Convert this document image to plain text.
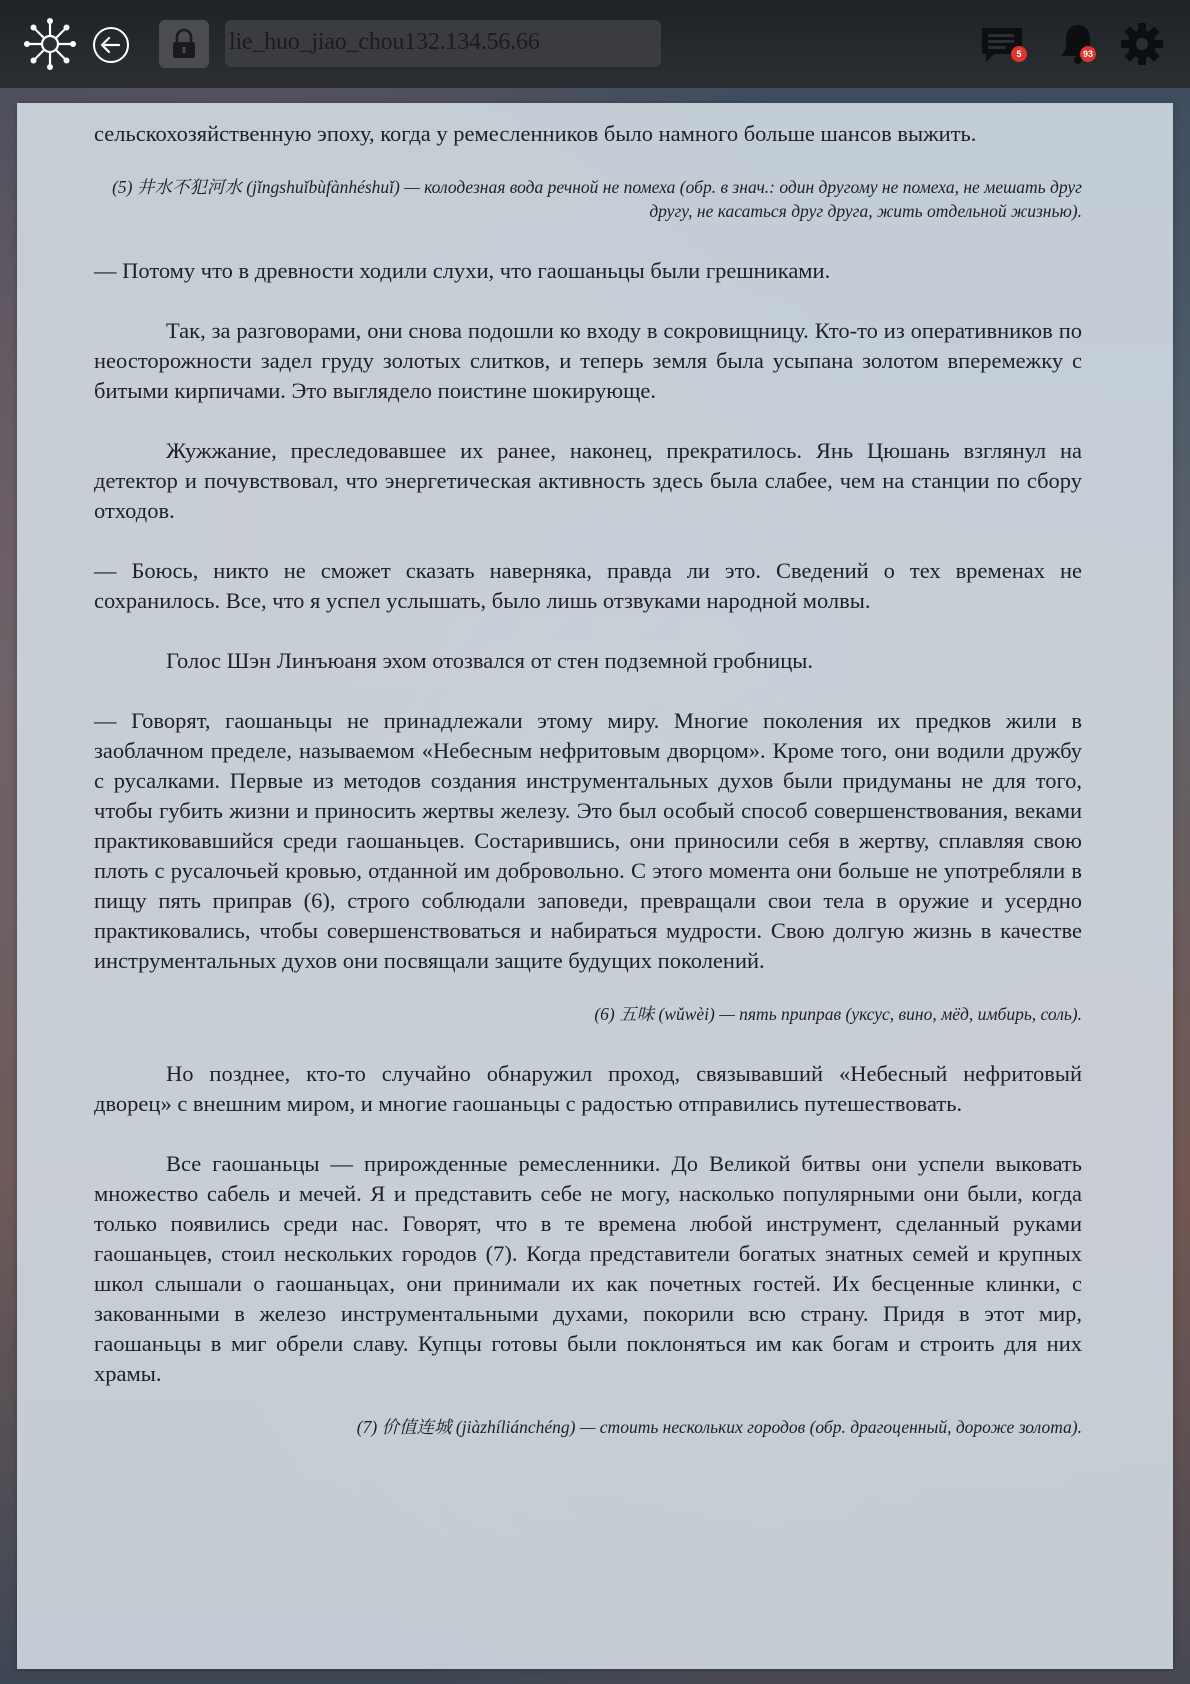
lie_huo_jiao_chou132.134.56.66	5	93

сельскохозяйственную эпоху, когда у ремесленников было намного больше шансов выжить.

(5) 井水不犯河水 (jǐngshuǐbùfànhéshuǐ) — колодезная вода речной не помеха (обр. в знач.: один другому не помеха, не мешать друг другу, не касаться друг друга, жить отдельной жизнью).

— Потому что в древности ходили слухи, что гаошаньцы были грешниками.

Так, за разговорами, они снова подошли ко входу в сокровищницу. Кто-то из оперативников по неосторожности задел груду золотых слитков, и теперь земля была усыпана золотом вперемежку с битыми кирпичами. Это выглядело поистине шокирующе.

Жужжание, преследовавшее их ранее, наконец, прекратилось. Янь Цюшань взглянул на детектор и почувствовал, что энергетическая активность здесь была слабее, чем на станции по сбору отходов.

— Боюсь, никто не сможет сказать наверняка, правда ли это. Сведений о тех временах не сохранилось. Все, что я успел услышать, было лишь отзвуками народной молвы.

Голос Шэн Линъюаня эхом отозвался от стен подземной гробницы.

— Говорят, гаошаньцы не принадлежали этому миру. Многие поколения их предков жили в заоблачном пределе, называемом «Небесным нефритовым дворцом». Кроме того, они водили дружбу с русалками. Первые из методов создания инструментальных духов были придуманы не для того, чтобы губить жизни и приносить жертвы железу. Это был особый способ совершенствования, веками практиковавшийся среди гаошаньцев. Состарившись, они приносили себя в жертву, сплавляя свою плоть с русалочьей кровью, отданной им добровольно. С этого момента они больше не употребляли в пищу пять приправ (6), строго соблюдали заповеди, превращали свои тела в оружие и усердно практиковались, чтобы совершенствоваться и набираться мудрости. Свою долгую жизнь в качестве инструментальных духов они посвящали защите будущих поколений.

(6) 五味 (wǔwèi) — пять приправ (уксус, вино, мёд, имбирь, соль).

Но позднее, кто-то случайно обнаружил проход, связывавший «Небесный нефритовый дворец» с внешним миром, и многие гаошаньцы с радостью отправились путешествовать.

Все гаошаньцы — прирожденные ремесленники. До Великой битвы они успели выковать множество сабель и мечей. Я и представить себе не могу, насколько популярными они были, когда только появились среди нас. Говорят, что в те времена любой инструмент, сделанный руками гаошаньцев, стоил нескольких городов (7). Когда представители богатых знатных семей и крупных школ слышали о гаошаньцах, они принимали их как почетных гостей. Их бесценные клинки, с закованными в железо инструментальными духами, покорили всю страну. Придя в этот мир, гаошаньцы в миг обрели славу. Купцы готовы были поклоняться им как богам и строить для них храмы.

(7) 价值连城 (jiàzhíliánchéng) — стоить нескольких городов (обр. драгоценный, дороже золота).
